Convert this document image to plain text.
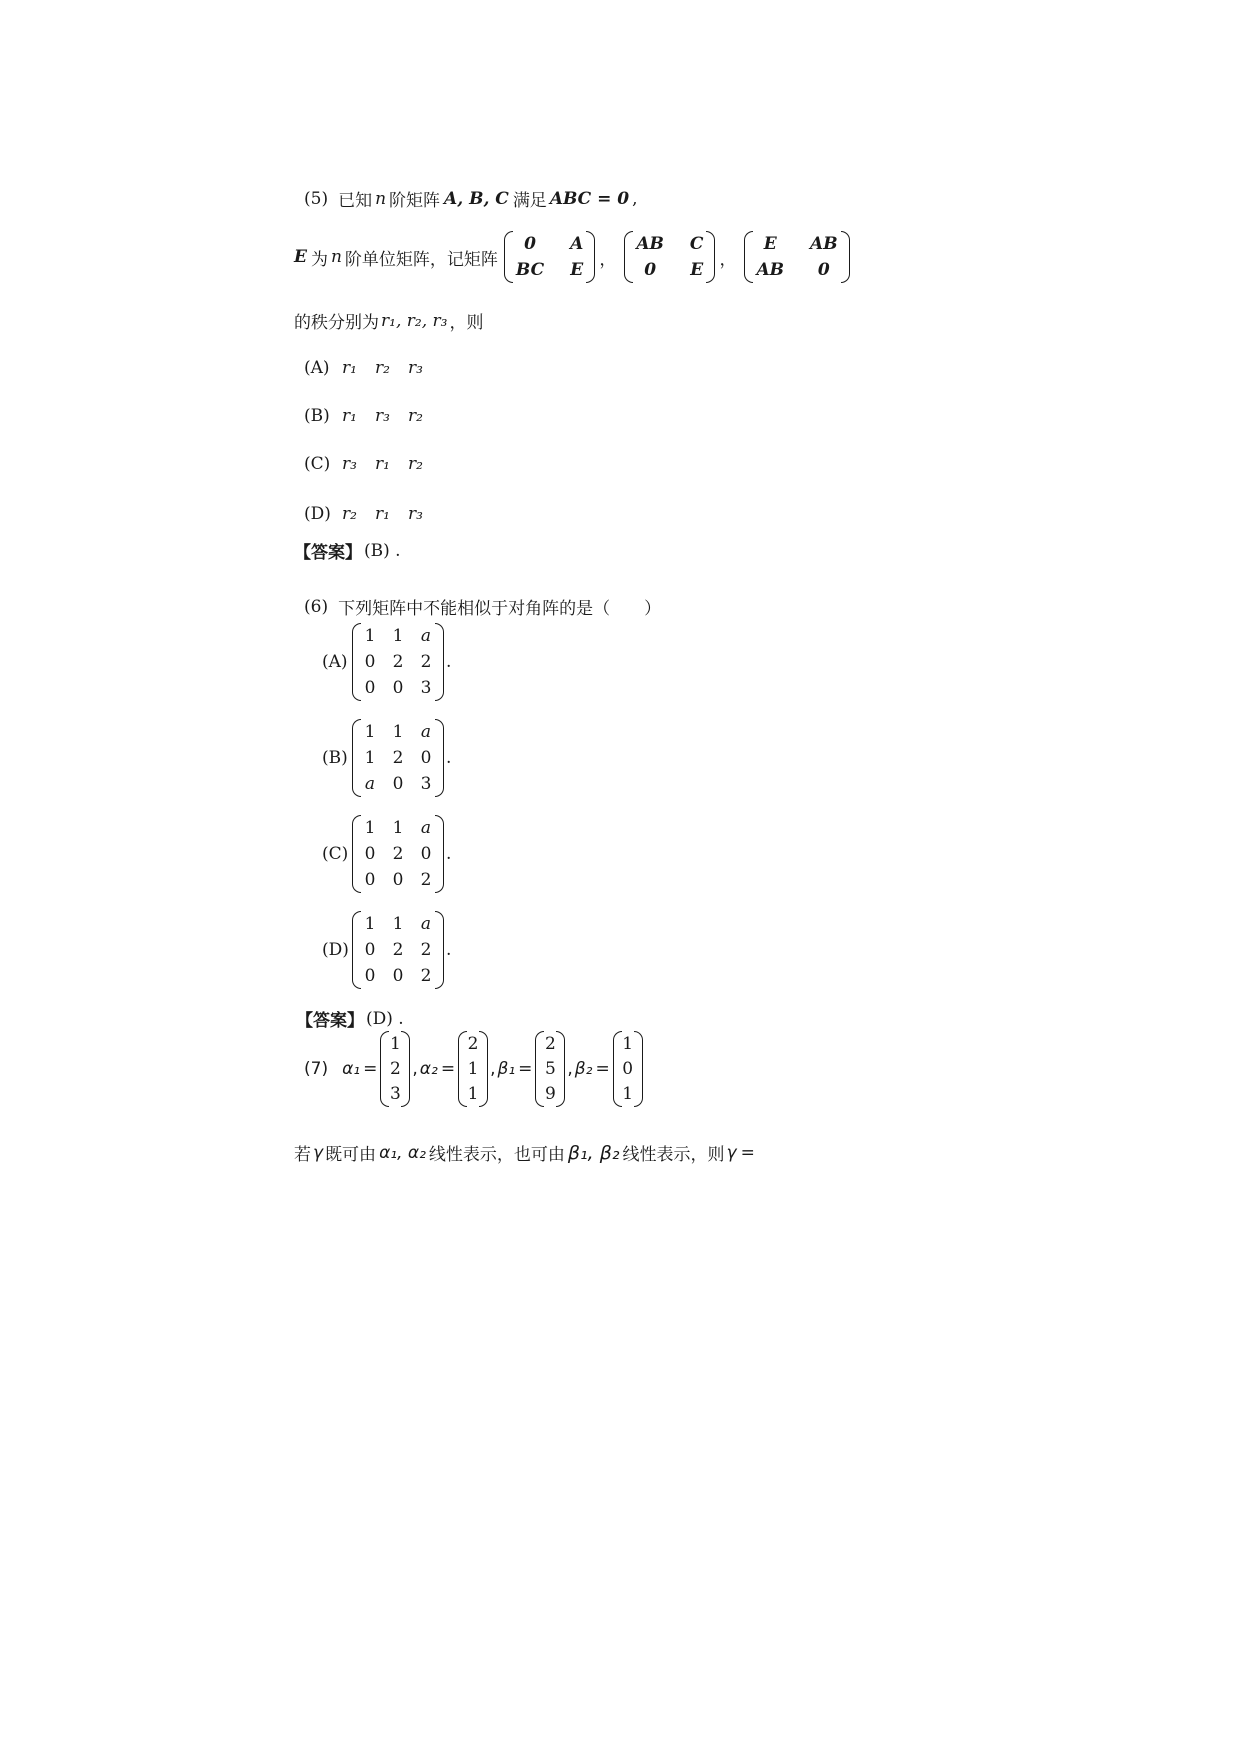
(5) 已知 n 阶矩阵 A, B, C 满足 ABC = 0 ,
E 为 n 阶单位矩阵，记矩阵
0 A
BC E
，
AB C
0 E
，
E AB
AB 0
的秩分别为 r₁, r₂, r₃ ，则
(A) r₁	r₂	r₃
(B) r₁	r₃	r₂
(C) r₃	r₁	r₂
(D) r₂	r₁	r₃
【答案】 (B) .
(6) 下列矩阵中不能相似于对角阵的是（　　）
(A)
1 1 a
0 2 2
0 0 3
.
(B)
1 1 a
1 2 0
a 0 3
.
(C)
1 1 a
0 2 0
0 0 2
.
(D)
1 1 a
0 2 2
0 0 2
.
【答案】 (D) .
(7) α₁ =
1
2
3
, α₂ =
2
1
1
, β₁ =
2
5
9
, β₂ =
1
0
1
若 γ 既可由 α₁, α₂ 线性表示，也可由 β₁, β₂ 线性表示，则 γ =
